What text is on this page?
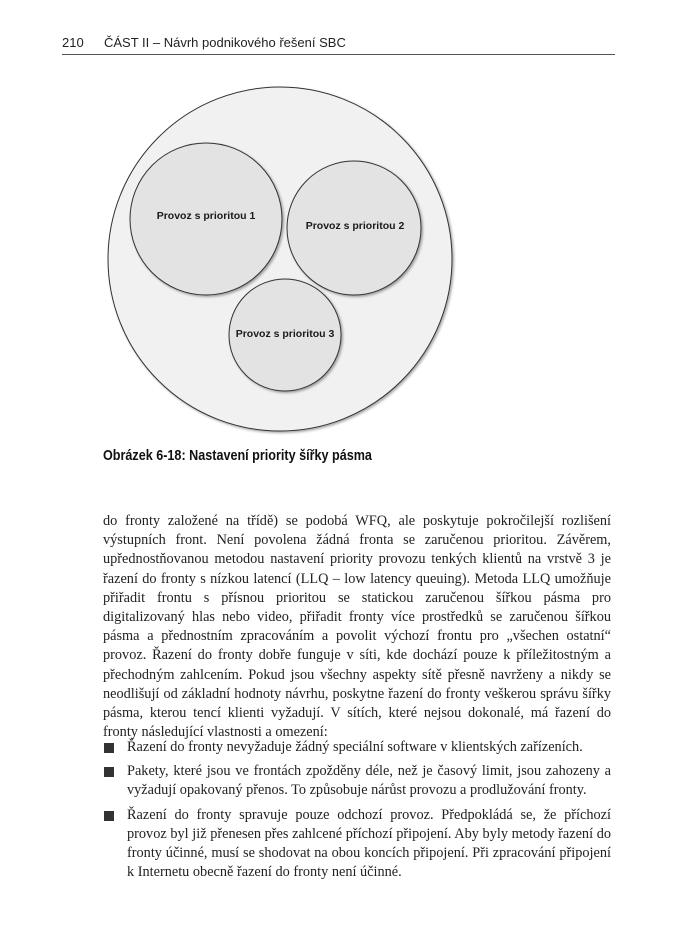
210 ČÁST II – Návrh podnikového řešení SBC
Provoz s prioritou 1
Provoz s prioritou 2
Provoz s prioritou 3
Obrázek 6-18: Nastavení priority šířky pásma

do fronty založené na třídě) se podobá WFQ, ale poskytuje pokročilejší rozlišení výstupních front. Není povolena žádná fronta se zaručenou prioritou. Závěrem, upřednostňovanou metodou nastavení priority provozu tenkých klientů na vrstvě 3 je řazení do fronty s nízkou latencí (LLQ – low latency queuing). Metoda LLQ umožňuje přiřadit frontu s přísnou prioritou se statickou zaručenou šířkou pásma pro digitalizovaný hlas nebo video, přiřadit fronty více prostředků se zaručenou šířkou pásma a přednostním zpracováním a povolit výchozí frontu pro „všechen ostatní“ provoz. Řazení do fronty dobře funguje v síti, kde dochází pouze k příležitostným a přechodným zahlcením. Pokud jsou všechny aspekty sítě přesně navrženy a nikdy se neodlišují od základní hodnoty návrhu, poskytne řazení do fronty veškerou správu šířky pásma, kterou tencí klienti vyžadují. V sítích, které nejsou dokonalé, má řazení do fronty následující vlastnosti a omezení:

Řazení do fronty nevyžaduje žádný speciální software v klientských zařízeních.
Pakety, které jsou ve frontách zpožděny déle, než je časový limit, jsou zahozeny a vyžadují opakovaný přenos. To způsobuje nárůst provozu a prodlužování fronty.
Řazení do fronty spravuje pouze odchozí provoz. Předpokládá se, že příchozí provoz byl již přenesen přes zahlcené příchozí připojení. Aby byly metody řazení do fronty účinné, musí se shodovat na obou koncích připojení. Při zpracování připojení k Internetu obecně řazení do fronty není účinné.
